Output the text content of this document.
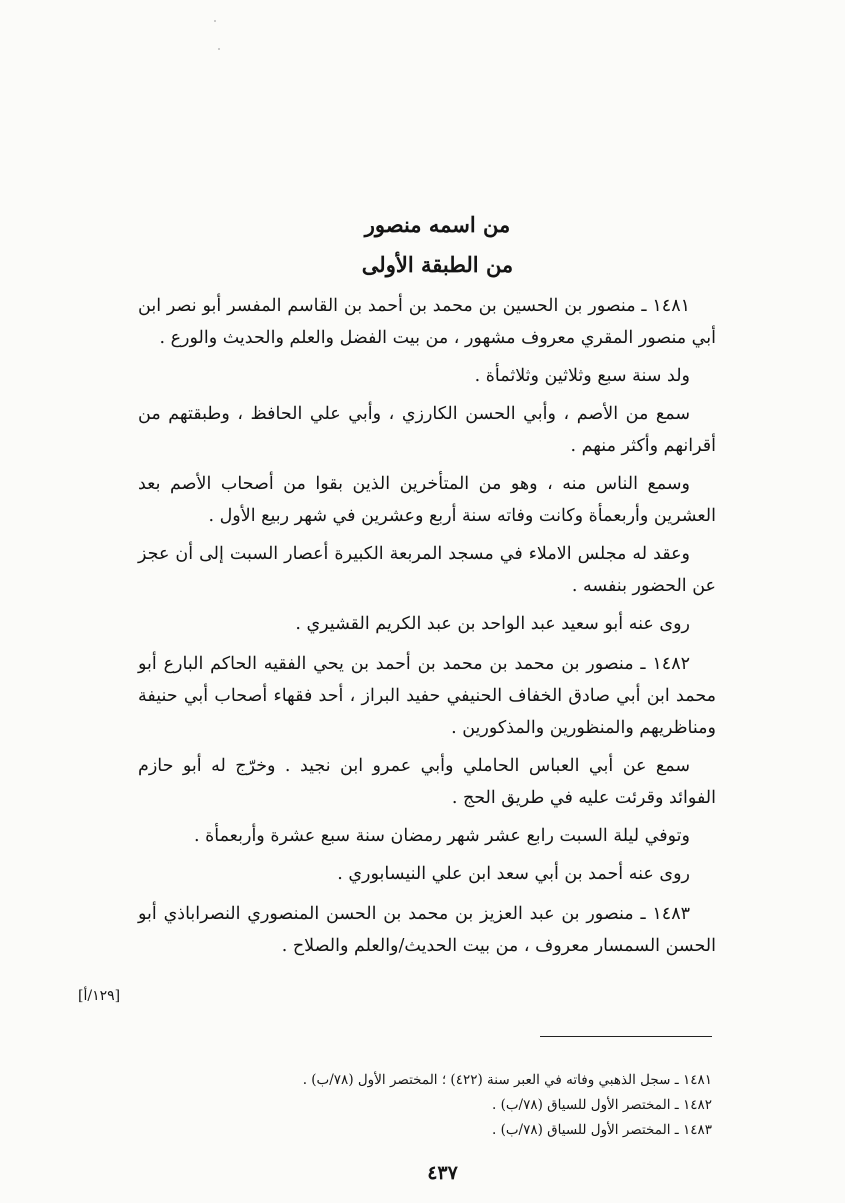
من اسمه منصور
من الطبقة الأولى

١٤٨١ ـ منصور بن الحسين بن محمد بن أحمد بن القاسم المفسر أبو نصر ابن أبي منصور المقري معروف مشهور ، من بيت الفضل والعلم والحديث والورع .

ولد سنة سبع وثلاثين وثلاثمأة .

سمع من الأصم ، وأبي الحسن الكارزي ، وأبي علي الحافظ ، وطبقتهم من أقرانهم وأكثر منهم .

وسمع الناس منه ، وهو من المتأخرين الذين بقوا من أصحاب الأصم بعد العشرين وأربعمأة وكانت وفاته سنة أربع وعشرين في شهر ربيع الأول .

وعقد له مجلس الاملاء في مسجد المربعة الكبيرة أعصار السبت إلى أن عجز عن الحضور بنفسه .

روى عنه أبو سعيد عبد الواحد بن عبد الكريم القشيري .

١٤٨٢ ـ منصور بن محمد بن محمد بن أحمد بن يحي الفقيه الحاكم البارع أبو محمد ابن أبي صادق الخفاف الحنيفي حفيد البراز ، أحد فقهاء أصحاب أبي حنيفة ومناظريهم والمنظورين والمذكورين .

سمع عن أبي العباس الحاملي وأبي عمرو ابن نجيد . وخرّج له أبو حازم الفوائد وقرئت عليه في طريق الحج .

وتوفي ليلة السبت رابع عشر شهر رمضان سنة سبع عشرة وأربعمأة .

روى عنه أحمد بن أبي سعد ابن علي النيسابوري .

١٤٨٣ ـ منصور بن عبد العزيز بن محمد بن الحسن المنصوري النصراباذي أبو الحسن السمسار معروف ، من بيت الحديث/والعلم والصلاح .

[١٢٩/أ]
١٤٨١ ـ سجل الذهبي وفاته في العبر سنة (٤٢٢) ؛ المختصر الأول (٧٨/ب) .
١٤٨٢ ـ المختصر الأول للسياق (٧٨/ب) .
١٤٨٣ ـ المختصر الأول للسياق (٧٨/ب) .
٤٣٧
